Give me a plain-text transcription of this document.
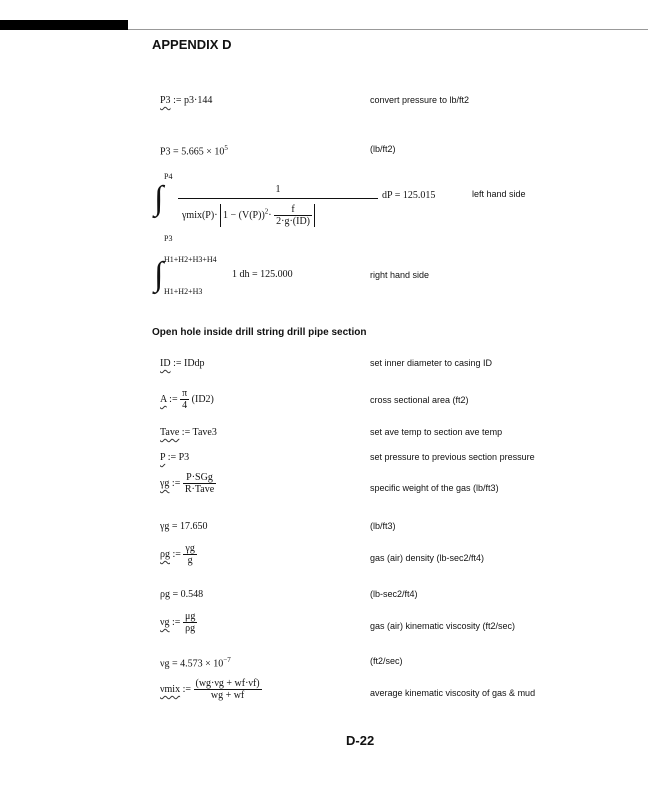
APPENDIX D
P3 := p3·144	convert pressure to lb/ft2
$P3 = 5.665 \times 10^5$	(lb/ft2)
∫
P4
P3
1
$\gamma mix(P)\cdot 1 - (V(P))^2\cdot \frac{f}{2\cdot g\cdot(ID)}$
dP = 125.015	left hand side
∫ H1+H2+H3+H4
H1+H2+H3
1 dh = 125.000	right hand side
Open hole inside drill string drill pipe section
ID := IDdp	set inner diameter to casing ID
A := $\frac{\pi}{4} (ID2)$	cross sectional area (ft2)
Tave := Tave3	set ave temp to section ave temp
P := P3	set pressure to previous section pressure
γg := $\frac{\text{P·SGg}}{\text{R·Tave}}$	specific weight of the gas (lb/ft3)
γg = 17.650	(lb/ft3)
ρg := $\frac{\gamma g}{g}$	gas (air) density (lb-sec2/ft4)
ρg = 0.548	(lb-sec2/ft4)
νg := $\frac{\mu g}{\rho g}$	gas (air) kinematic viscosity (ft2/sec)
$\nu g = 4.573 \times 10^{-7}$	(ft2/sec)
νmix := $\frac{(wg\cdot\nu g + wf\cdot\nu f)}{wg + wf}$	average kinematic viscosity of gas & mud
D-22
